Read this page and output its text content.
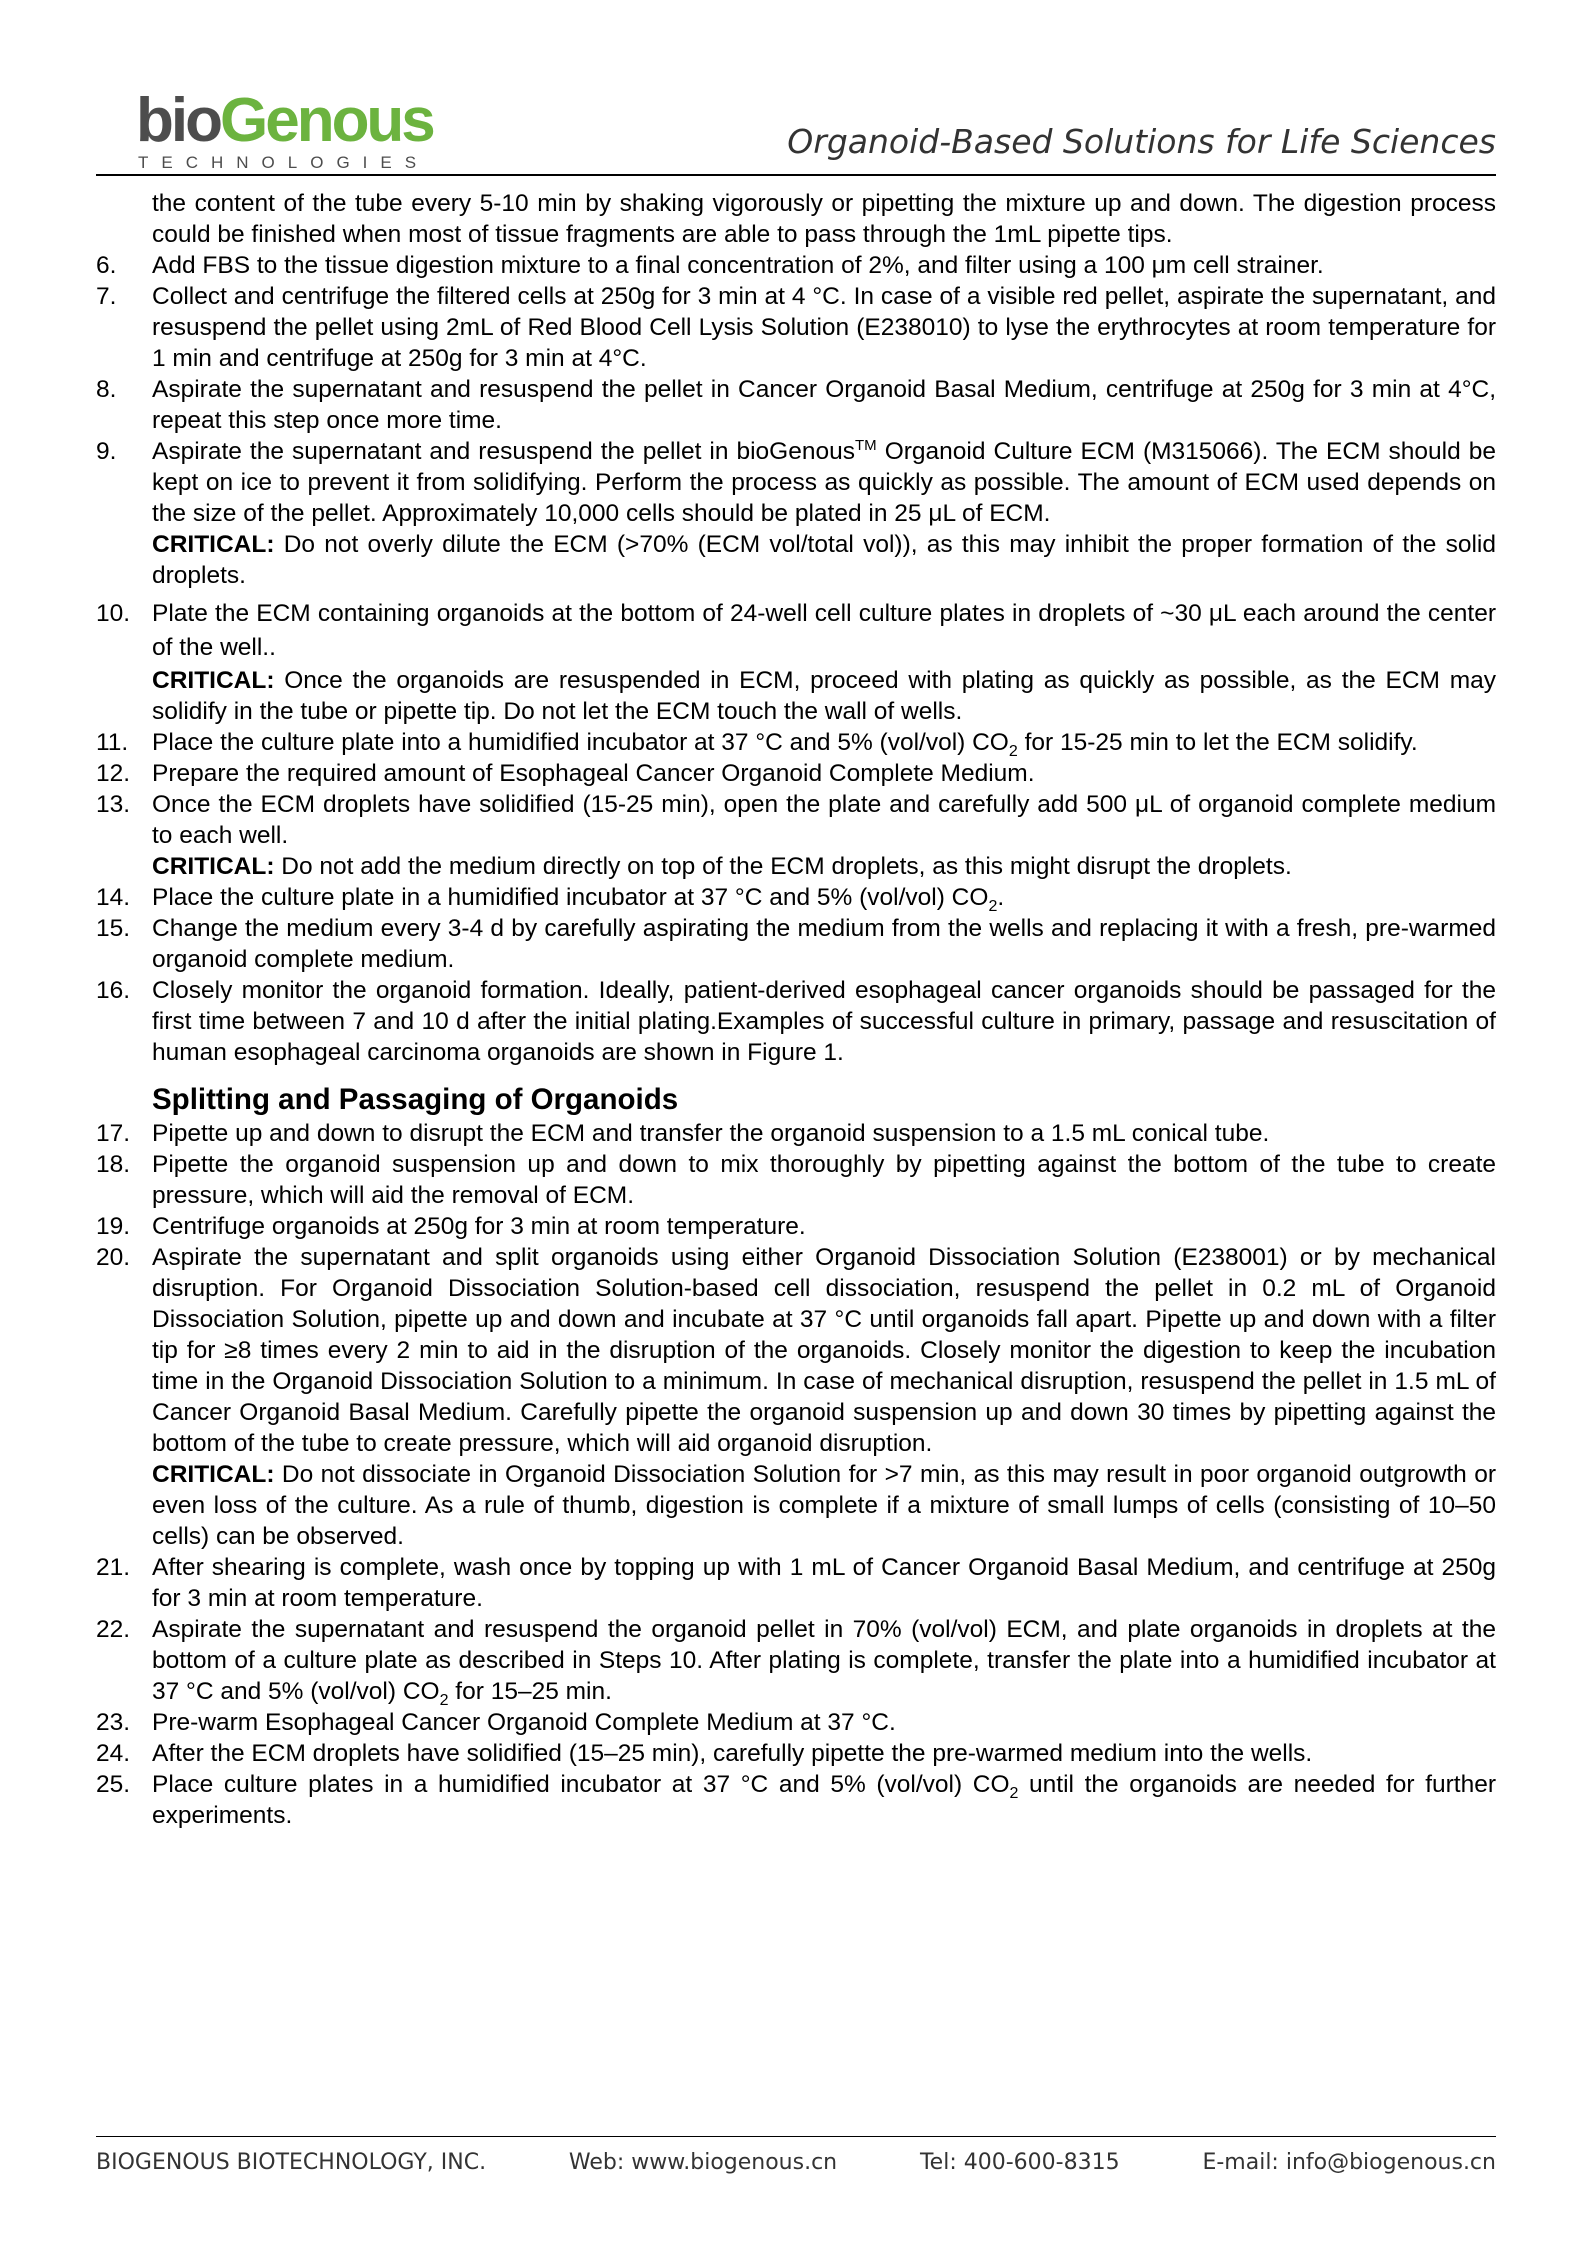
bioGenous
TECHNOLOGIES
Organoid-Based Solutions for Life Sciences
the content of the tube every 5-10 min by shaking vigorously or pipetting the mixture up and down. The digestion process could be finished when most of tissue fragments are able to pass through the 1mL pipette tips.
6. Add FBS to the tissue digestion mixture to a final concentration of 2%, and filter using a 100 μm cell strainer.
7. Collect and centrifuge the filtered cells at 250g for 3 min at 4 °C. In case of a visible red pellet, aspirate the supernatant, and resuspend the pellet using 2mL of Red Blood Cell Lysis Solution (E238010) to lyse the erythrocytes at room temperature for 1 min and centrifuge at 250g for 3 min at 4°C.
8. Aspirate the supernatant and resuspend the pellet in Cancer Organoid Basal Medium, centrifuge at 250g for 3 min at 4°C, repeat this step once more time.
9. Aspirate the supernatant and resuspend the pellet in bioGenous™ Organoid Culture ECM (M315066). The ECM should be kept on ice to prevent it from solidifying. Perform the process as quickly as possible. The amount of ECM used depends on the size of the pellet. Approximately 10,000 cells should be plated in 25 μL of ECM.
CRITICAL: Do not overly dilute the ECM (>70% (ECM vol/total vol)), as this may inhibit the proper formation of the solid droplets.
10. Plate the ECM containing organoids at the bottom of 24-well cell culture plates in droplets of ~30 μL each around the center of the well..
CRITICAL: Once the organoids are resuspended in ECM, proceed with plating as quickly as possible, as the ECM may solidify in the tube or pipette tip. Do not let the ECM touch the wall of wells.
11. Place the culture plate into a humidified incubator at 37 °C and 5% (vol/vol) $CO_2$ for 15-25 min to let the ECM solidify.
12. Prepare the required amount of Esophageal Cancer Organoid Complete Medium.
13. Once the ECM droplets have solidified (15-25 min), open the plate and carefully add 500 μL of organoid complete medium to each well.
CRITICAL: Do not add the medium directly on top of the ECM droplets, as this might disrupt the droplets.
14. Place the culture plate in a humidified incubator at 37 °C and 5% (vol/vol) $CO_2$.
15. Change the medium every 3-4 d by carefully aspirating the medium from the wells and replacing it with a fresh, pre-warmed organoid complete medium.
16. Closely monitor the organoid formation. Ideally, patient-derived esophageal cancer organoids should be passaged for the first time between 7 and 10 d after the initial plating.Examples of successful culture in primary, passage and resuscitation of human esophageal carcinoma organoids are shown in Figure 1.
Splitting and Passaging of Organoids
17. Pipette up and down to disrupt the ECM and transfer the organoid suspension to a 1.5 mL conical tube.
18. Pipette the organoid suspension up and down to mix thoroughly by pipetting against the bottom of the tube to create pressure, which will aid the removal of ECM.
19. Centrifuge organoids at 250g for 3 min at room temperature.
20. Aspirate the supernatant and split organoids using either Organoid Dissociation Solution (E238001) or by mechanical disruption. For Organoid Dissociation Solution-based cell dissociation, resuspend the pellet in 0.2 mL of Organoid Dissociation Solution, pipette up and down and incubate at 37 °C until organoids fall apart. Pipette up and down with a filter tip for ≥8 times every 2 min to aid in the disruption of the organoids. Closely monitor the digestion to keep the incubation time in the Organoid Dissociation Solution to a minimum. In case of mechanical disruption, resuspend the pellet in 1.5 mL of Cancer Organoid Basal Medium. Carefully pipette the organoid suspension up and down 30 times by pipetting against the bottom of the tube to create pressure, which will aid organoid disruption.
CRITICAL: Do not dissociate in Organoid Dissociation Solution for >7 min, as this may result in poor organoid outgrowth or even loss of the culture. As a rule of thumb, digestion is complete if a mixture of small lumps of cells (consisting of 10–50 cells) can be observed.
21. After shearing is complete, wash once by topping up with 1 mL of Cancer Organoid Basal Medium, and centrifuge at 250g for 3 min at room temperature.
22. Aspirate the supernatant and resuspend the organoid pellet in 70% (vol/vol) ECM, and plate organoids in droplets at the bottom of a culture plate as described in Steps 10. After plating is complete, transfer the plate into a humidified incubator at 37 °C and 5% (vol/vol) $CO_2$ for 15–25 min.
23. Pre-warm Esophageal Cancer Organoid Complete Medium at 37 °C.
24. After the ECM droplets have solidified (15–25 min), carefully pipette the pre-warmed medium into the wells.
25. Place culture plates in a humidified incubator at 37 °C and 5% (vol/vol) $CO_2$ until the organoids are needed for further experiments.
BIOGENOUS BIOTECHNOLOGY, INC.	Web: www.biogenous.cn	Tel: 400-600-8315	E-mail: info@biogenous.cn
